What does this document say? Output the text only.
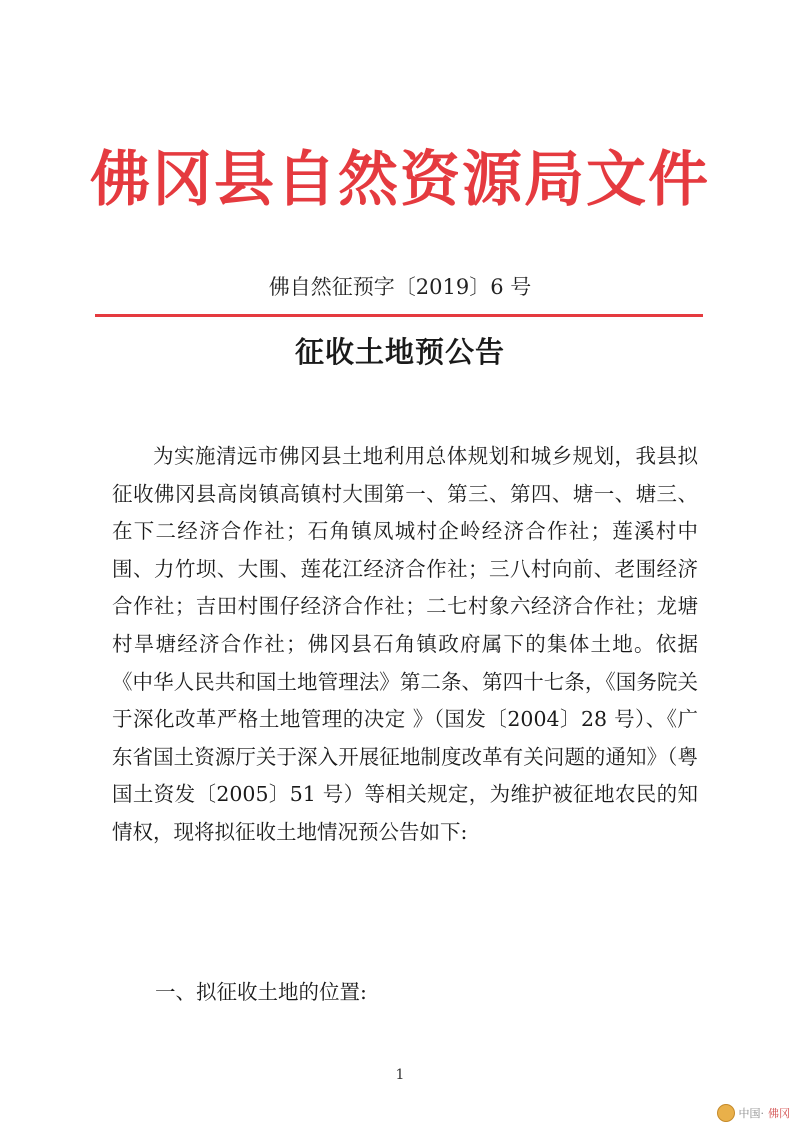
佛冈县自然资源局文件
佛自然征预字〔2019〕6 号
征收土地预公告

为实施清远市佛冈县土地利用总体规划和城乡规划，我县拟征收佛冈县高岗镇高镇村大围第一、第三、第四、塘一、塘三、在下二经济合作社；石角镇凤城村企岭经济合作社；莲溪村中围、力竹坝、大围、莲花江经济合作社；三八村向前、老围经济合作社；吉田村围仔经济合作社；二七村象六经济合作社；龙塘村旱塘经济合作社；佛冈县石角镇政府属下的集体土地。依据《中华人民共和国土地管理法》第二条、第四十七条，《国务院关于深化改革严格土地管理的决定 》（国发〔2004〕28 号）、《广东省国土资源厅关于深入开展征地制度改革有关问题的通知》（粤国土资发〔2005〕51 号）等相关规定，为维护被征地农民的知情权，现将拟征收土地情况预公告如下:

一、拟征收土地的位置:

1
中国· 佛冈
